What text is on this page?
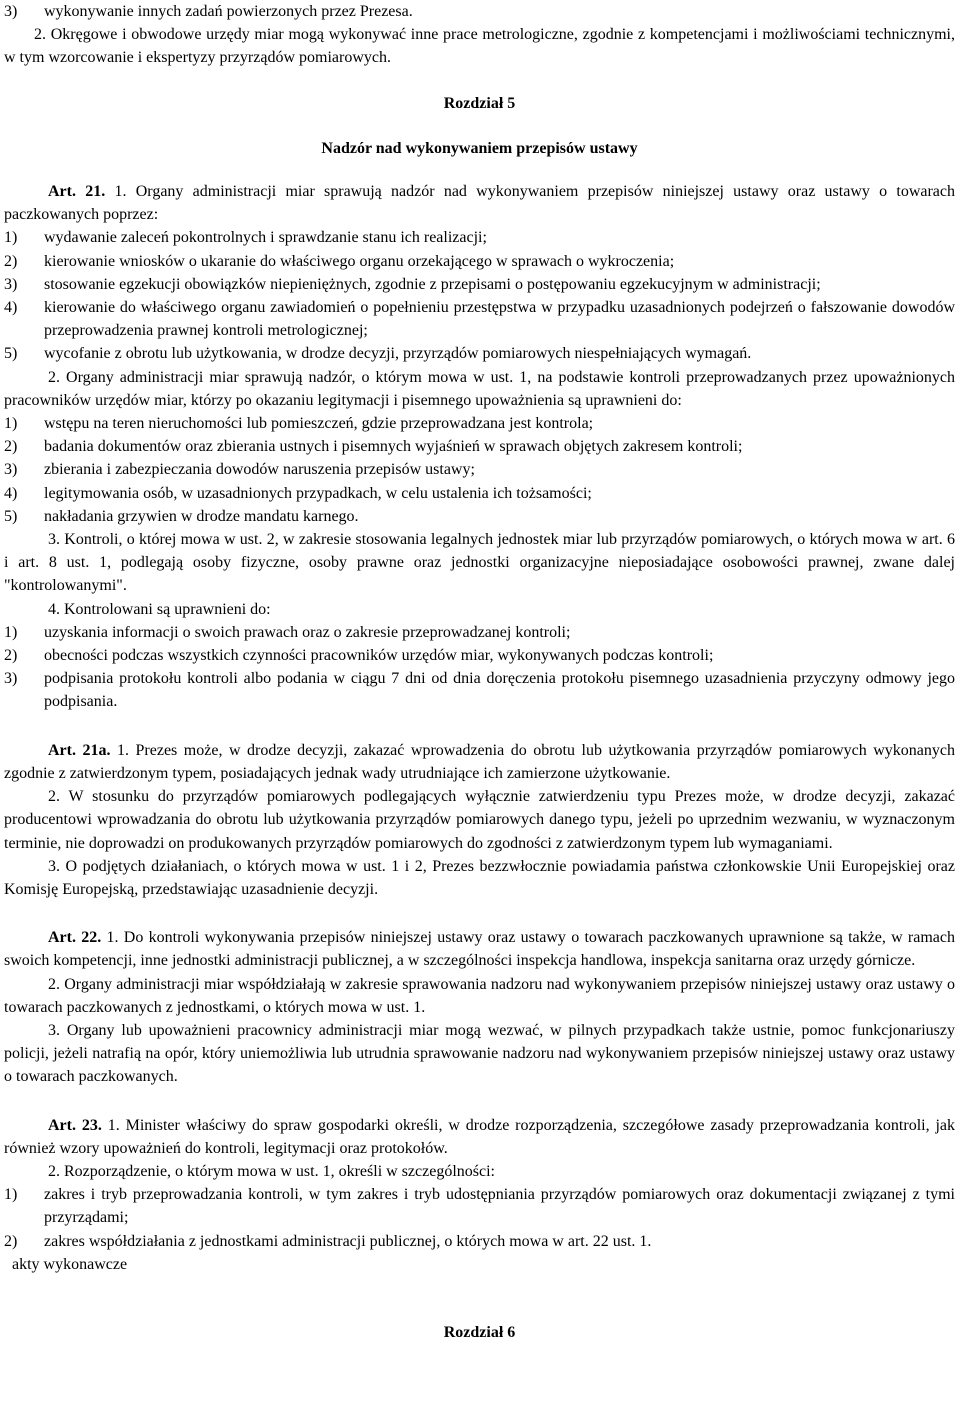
3)	wykonywanie innych zadań powierzonych przez Prezesa.

2. Okręgowe i obwodowe urzędy miar mogą wykonywać inne prace metrologiczne, zgodnie z kompetencjami i możliwościami technicznymi, w tym wzorcowanie i ekspertyzy przyrządów pomiarowych.

Rozdział 5

Nadzór nad wykonywaniem przepisów ustawy

Art. 21. 1. Organy administracji miar sprawują nadzór nad wykonywaniem przepisów niniejszej ustawy oraz ustawy o towarach paczkowanych poprzez:

1)	wydawanie zaleceń pokontrolnych i sprawdzanie stanu ich realizacji;
2)	kierowanie wniosków o ukaranie do właściwego organu orzekającego w sprawach o wykroczenia;
3)	stosowanie egzekucji obowiązków niepieniężnych, zgodnie z przepisami o postępowaniu egzekucyjnym w administracji;
4)	kierowanie do właściwego organu zawiadomień o popełnieniu przestępstwa w przypadku uzasadnionych podejrzeń o fałszowanie dowodów przeprowadzenia prawnej kontroli metrologicznej;
5)	wycofanie z obrotu lub użytkowania, w drodze decyzji, przyrządów pomiarowych niespełniających wymagań.

2. Organy administracji miar sprawują nadzór, o którym mowa w ust. 1, na podstawie kontroli przeprowadzanych przez upoważnionych pracowników urzędów miar, którzy po okazaniu legitymacji i pisemnego upoważnienia są uprawnieni do:

1)	wstępu na teren nieruchomości lub pomieszczeń, gdzie przeprowadzana jest kontrola;
2)	badania dokumentów oraz zbierania ustnych i pisemnych wyjaśnień w sprawach objętych zakresem kontroli;
3)	zbierania i zabezpieczania dowodów naruszenia przepisów ustawy;
4)	legitymowania osób, w uzasadnionych przypadkach, w celu ustalenia ich tożsamości;
5)	nakładania grzywien w drodze mandatu karnego.

3. Kontroli, o której mowa w ust. 2, w zakresie stosowania legalnych jednostek miar lub przyrządów pomiarowych, o których mowa w art. 6 i art. 8 ust. 1, podlegają osoby fizyczne, osoby prawne oraz jednostki organizacyjne nieposiadające osobowości prawnej, zwane dalej "kontrolowanymi".

4. Kontrolowani są uprawnieni do:

1)	uzyskania informacji o swoich prawach oraz o zakresie przeprowadzanej kontroli;
2)	obecności podczas wszystkich czynności pracowników urzędów miar, wykonywanych podczas kontroli;
3)	podpisania protokołu kontroli albo podania w ciągu 7 dni od dnia doręczenia protokołu pisemnego uzasadnienia przyczyny odmowy jego podpisania.

Art. 21a. 1. Prezes może, w drodze decyzji, zakazać wprowadzenia do obrotu lub użytkowania przyrządów pomiarowych wykonanych zgodnie z zatwierdzonym typem, posiadających jednak wady utrudniające ich zamierzone użytkowanie.

2. W stosunku do przyrządów pomiarowych podlegających wyłącznie zatwierdzeniu typu Prezes może, w drodze decyzji, zakazać producentowi wprowadzania do obrotu lub użytkowania przyrządów pomiarowych danego typu, jeżeli po uprzednim wezwaniu, w wyznaczonym terminie, nie doprowadzi on produkowanych przyrządów pomiarowych do zgodności z zatwierdzonym typem lub wymaganiami.

3. O podjętych działaniach, o których mowa w ust. 1 i 2, Prezes bezzwłocznie powiadamia państwa członkowskie Unii Europejskiej oraz Komisję Europejską, przedstawiając uzasadnienie decyzji.

Art. 22. 1. Do kontroli wykonywania przepisów niniejszej ustawy oraz ustawy o towarach paczkowanych uprawnione są także, w ramach swoich kompetencji, inne jednostki administracji publicznej, a w szczególności inspekcja handlowa, inspekcja sanitarna oraz urzędy górnicze.

2. Organy administracji miar współdziałają w zakresie sprawowania nadzoru nad wykonywaniem przepisów niniejszej ustawy oraz ustawy o towarach paczkowanych z jednostkami, o których mowa w ust. 1.

3. Organy lub upoważnieni pracownicy administracji miar mogą wezwać, w pilnych przypadkach także ustnie, pomoc funkcjonariuszy policji, jeżeli natrafią na opór, który uniemożliwia lub utrudnia sprawowanie nadzoru nad wykonywaniem przepisów niniejszej ustawy oraz ustawy o towarach paczkowanych.

Art. 23. 1. Minister właściwy do spraw gospodarki określi, w drodze rozporządzenia, szczegółowe zasady przeprowadzania kontroli, jak również wzory upoważnień do kontroli, legitymacji oraz protokołów.

2. Rozporządzenie, o którym mowa w ust. 1, określi w szczególności:

1)	zakres i tryb przeprowadzania kontroli, w tym zakres i tryb udostępniania przyrządów pomiarowych oraz dokumentacji związanej z tymi przyrządami;
2)	zakres współdziałania z jednostkami administracji publicznej, o których mowa w art. 22 ust. 1.

akty wykonawcze

Rozdział 6
